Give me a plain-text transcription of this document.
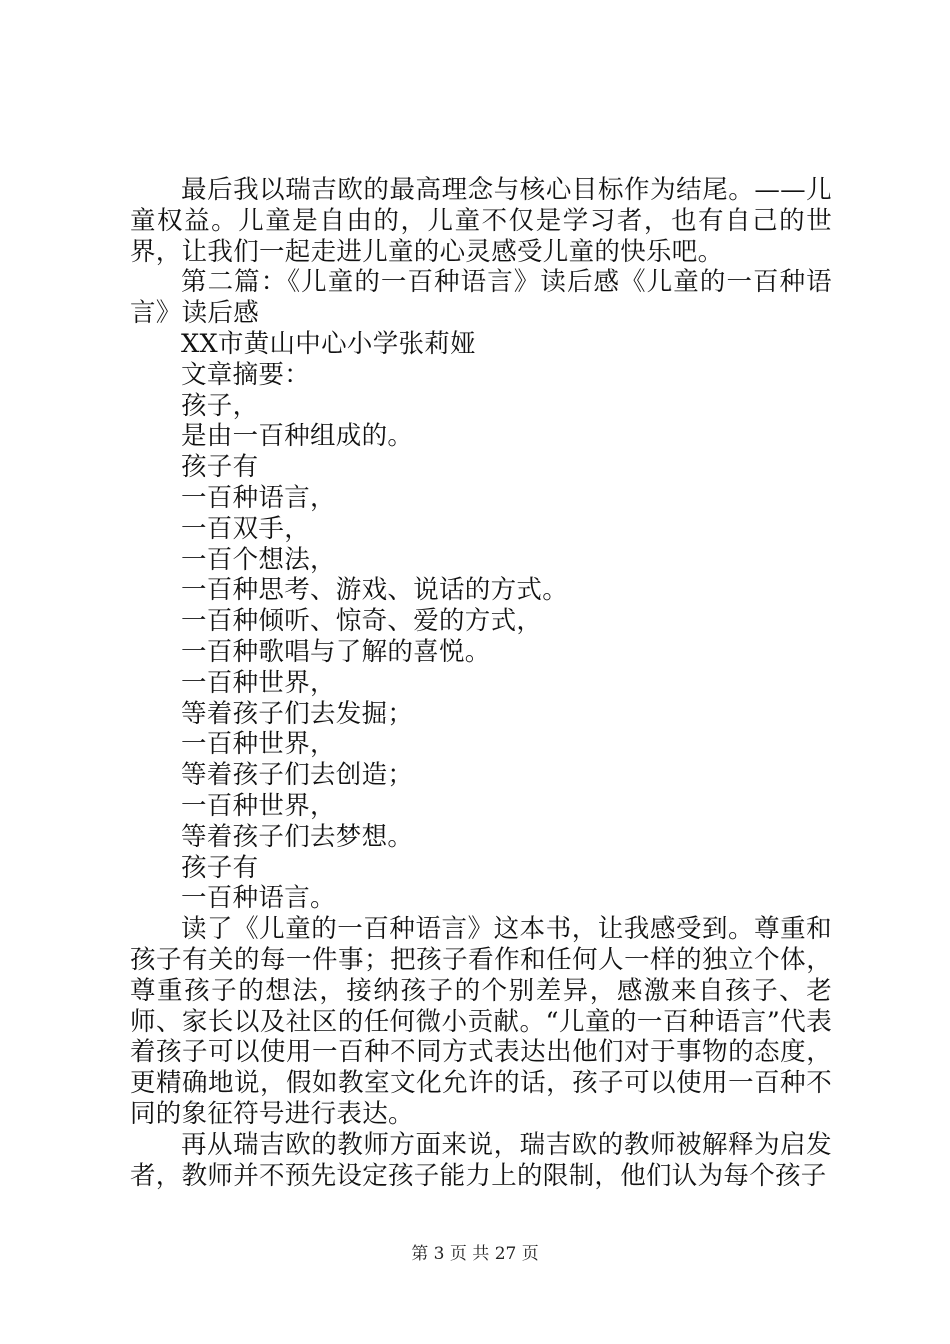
最后我以瑞吉欧的最高理念与核心目标作为结尾。——儿童权益。儿童是自由的，儿童不仅是学习者，也有自己的世界，让我们一起走进儿童的心灵感受儿童的快乐吧。

第二篇：《儿童的一百种语言》读后感《儿童的一百种语言》读后感

XX市黄山中心小学张莉娅

文章摘要：

孩子，

是由一百种组成的。

孩子有

一百种语言，

一百双手，

一百个想法，

一百种思考、游戏、说话的方式。

一百种倾听、惊奇、爱的方式，

一百种歌唱与了解的喜悦。

一百种世界，

等着孩子们去发掘；

一百种世界，

等着孩子们去创造；

一百种世界，

等着孩子们去梦想。

孩子有

一百种语言。

读了《儿童的一百种语言》这本书，让我感受到。尊重和孩子有关的每一件事；把孩子看作和任何人一样的独立个体，尊重孩子的想法，接纳孩子的个别差异，感激来自孩子、老师、家长以及社区的任何微小贡献。“儿童的一百种语言”代表着孩子可以使用一百种不同方式表达出他们对于事物的态度，更精确地说，假如教室文化允许的话，孩子可以使用一百种不同的象征符号进行表达。

再从瑞吉欧的教师方面来说，瑞吉欧的教师被解释为启发者，教师并不预先设定孩子能力上的限制，他们认为每个孩子

第 3 页 共 27 页
